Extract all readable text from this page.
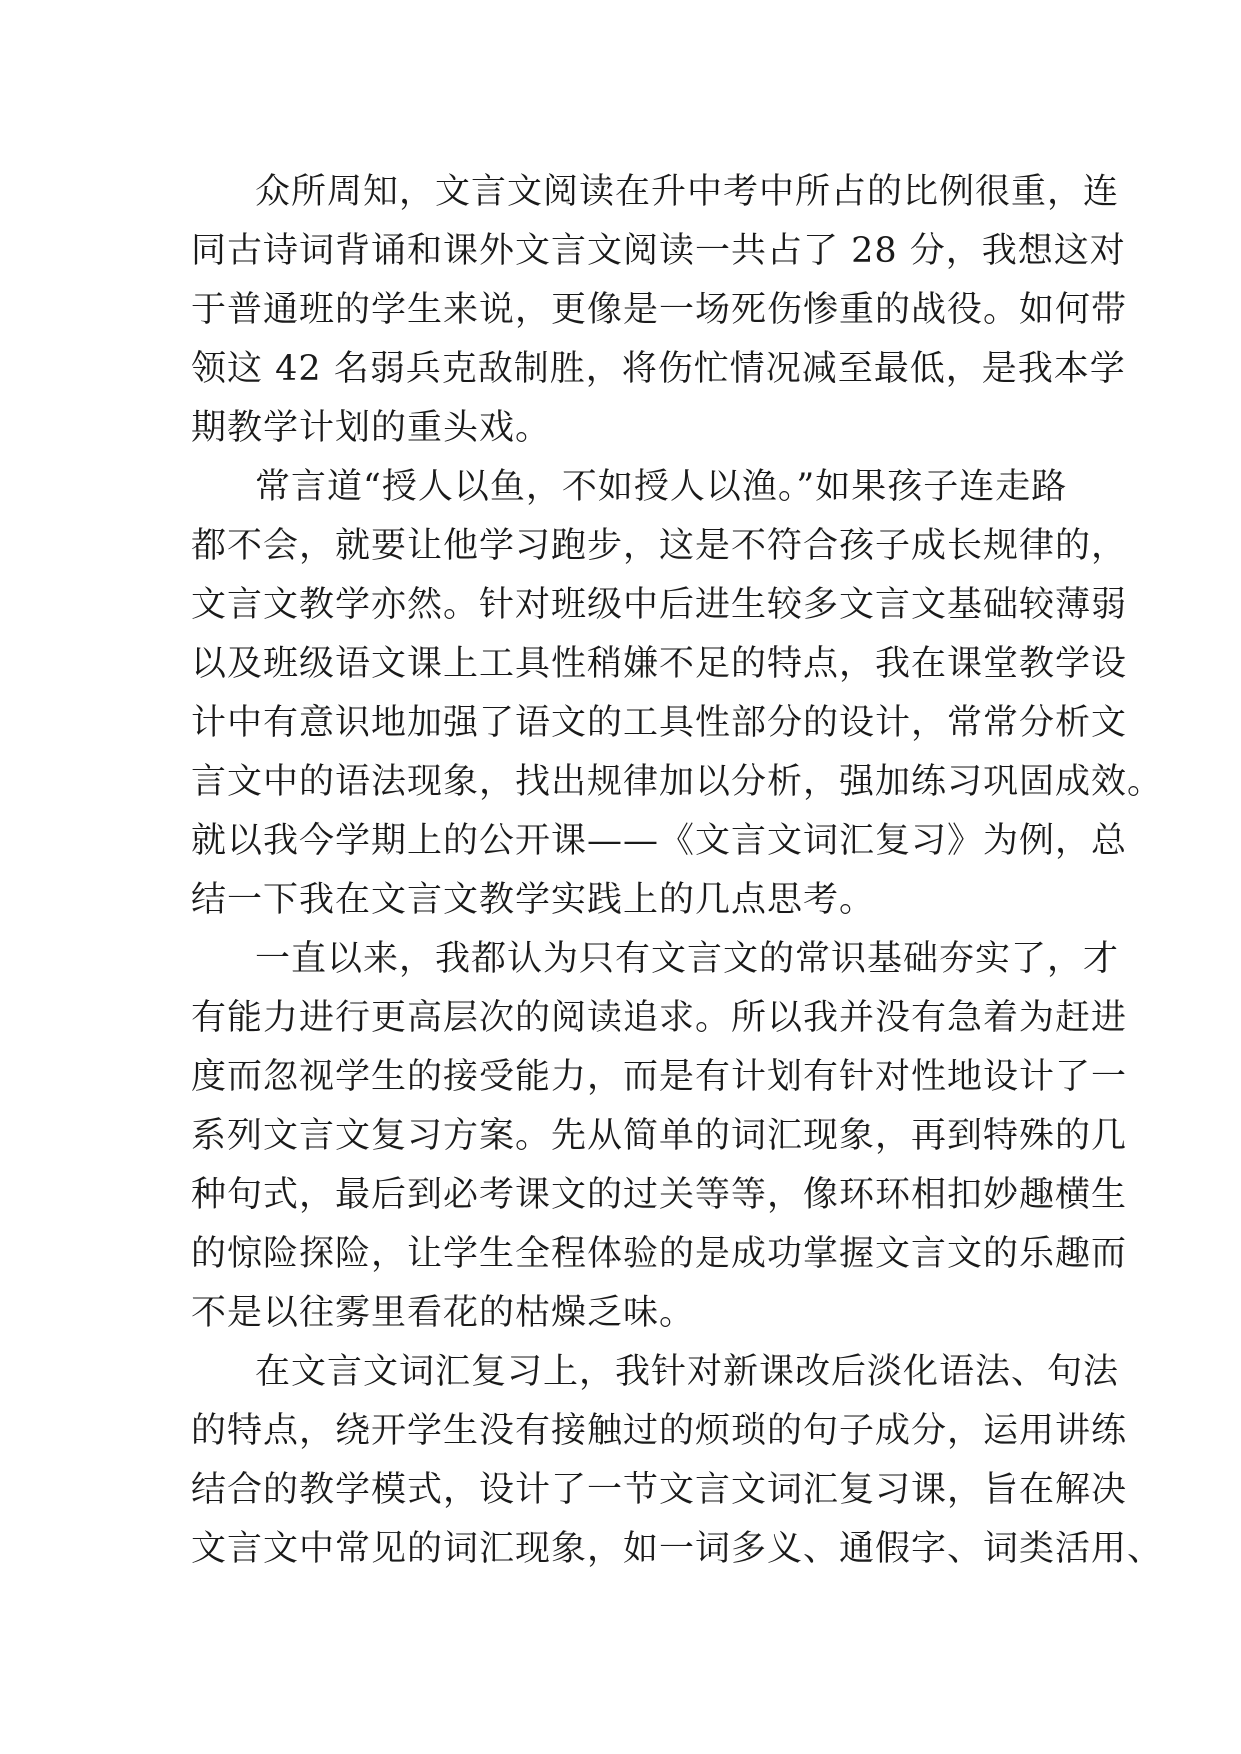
众所周知，文言文阅读在升中考中所占的比例很重，连
同古诗词背诵和课外文言文阅读一共占了 28 分，我想这对
于普通班的学生来说，更像是一场死伤惨重的战役。如何带
领这 42 名弱兵克敌制胜，将伤忙情况减至最低，是我本学
期教学计划的重头戏。

常言道“授人以鱼，不如授人以渔。”如果孩子连走路
都不会，就要让他学习跑步，这是不符合孩子成长规律的，
文言文教学亦然。针对班级中后进生较多文言文基础较薄弱
以及班级语文课上工具性稍嫌不足的特点，我在课堂教学设
计中有意识地加强了语文的工具性部分的设计，常常分析文
言文中的语法现象，找出规律加以分析，强加练习巩固成效。
就以我今学期上的公开课——《文言文词汇复习》为例，总
结一下我在文言文教学实践上的几点思考。

一直以来，我都认为只有文言文的常识基础夯实了，才
有能力进行更高层次的阅读追求。所以我并没有急着为赶进
度而忽视学生的接受能力，而是有计划有针对性地设计了一
系列文言文复习方案。先从简单的词汇现象，再到特殊的几
种句式，最后到必考课文的过关等等，像环环相扣妙趣横生
的惊险探险，让学生全程体验的是成功掌握文言文的乐趣而
不是以往雾里看花的枯燥乏味。

在文言文词汇复习上，我针对新课改后淡化语法、句法
的特点，绕开学生没有接触过的烦琐的句子成分，运用讲练
结合的教学模式，设计了一节文言文词汇复习课，旨在解决
文言文中常见的词汇现象，如一词多义、通假字、词类活用、
